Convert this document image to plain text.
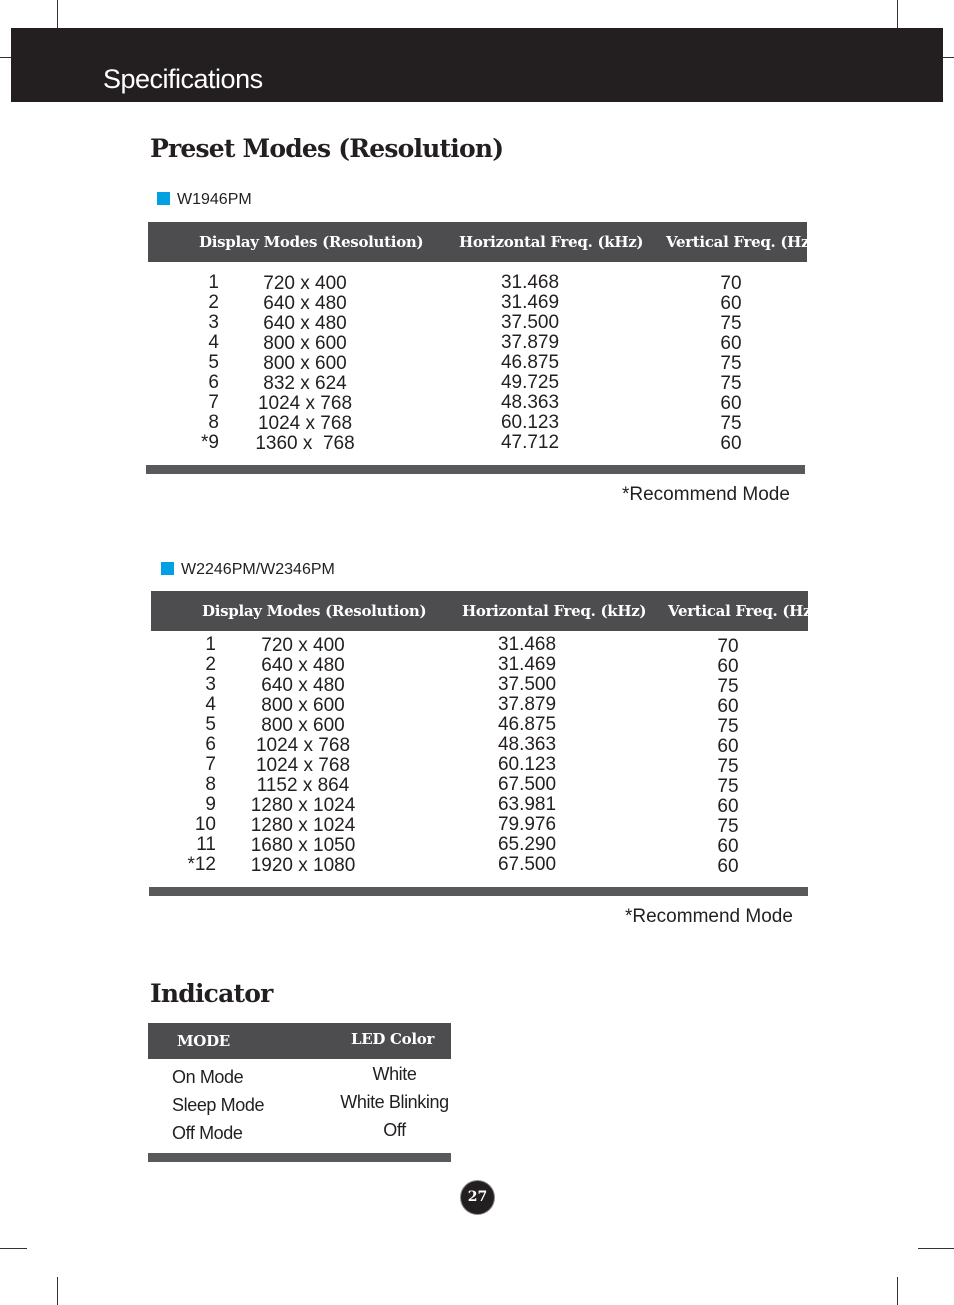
Specifications
Preset Modes (Resolution)
W1946PM
Display Modes (Resolution) Horizontal Freq. (kHz) Vertical Freq. (Hz)
1
2
3
4
5
6
7
8
*9
720 x 400
640 x 480
640 x 480
800 x 600
800 x 600
832 x 624
1024 x 768
1024 x 768
1360 x  768
31.468
31.469
37.500
37.879
46.875
49.725
48.363
60.123
47.712
70
60
75
60
75
75
60
75
60
*Recommend Mode
W2246PM/W2346PM
Display Modes (Resolution) Horizontal Freq. (kHz) Vertical Freq. (Hz)
1
2
3
4
5
6
7
8
9
10
11
*12
720 x 400
640 x 480
640 x 480
800 x 600
800 x 600
1024 x 768
1024 x 768
1152 x 864
1280 x 1024
1280 x 1024
1680 x 1050
1920 x 1080
31.468
31.469
37.500
37.879
46.875
48.363
60.123
67.500
63.981
79.976
65.290
67.500
70
60
75
60
75
60
75
75
60
75
60
60
*Recommend Mode
Indicator
MODE	LED Color
On Mode
Sleep Mode
Off Mode
White
White Blinking
Off
27
